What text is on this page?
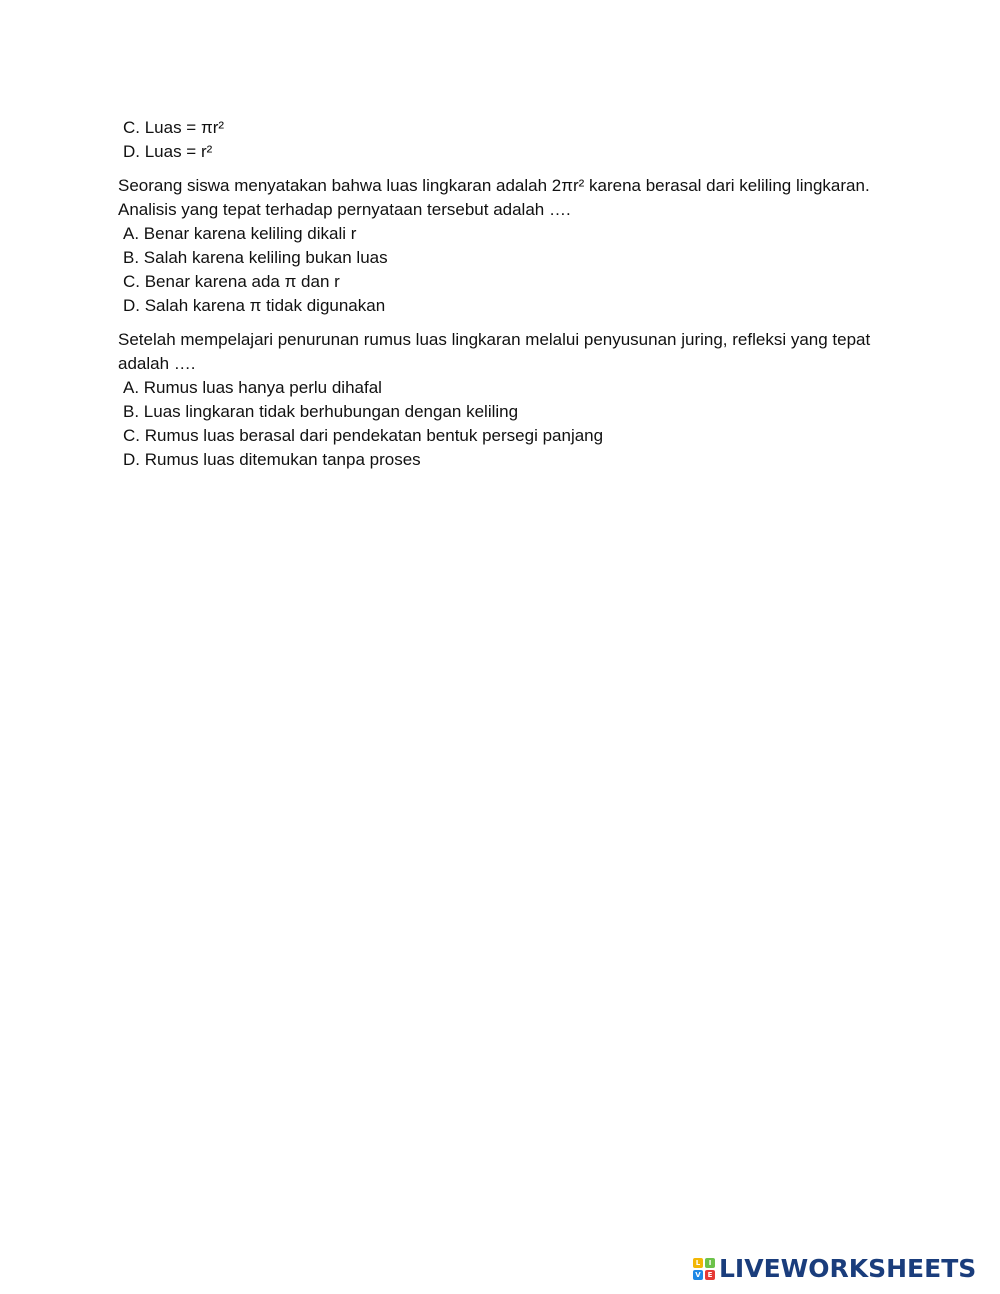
C. Luas = πr²
D. Luas = r²
Seorang siswa menyatakan bahwa luas lingkaran adalah 2πr² karena berasal dari keliling lingkaran. Analisis yang tepat terhadap pernyataan tersebut adalah ….
A. Benar karena keliling dikali r
B. Salah karena keliling bukan luas
C. Benar karena ada π dan r
D. Salah karena π tidak digunakan
Setelah mempelajari penurunan rumus luas lingkaran melalui penyusunan juring, refleksi yang tepat adalah ….
A. Rumus luas hanya perlu dihafal
B. Luas lingkaran tidak berhubungan dengan keliling
C. Rumus luas berasal dari pendekatan bentuk persegi panjang
D. Rumus luas ditemukan tanpa proses
L	I
V E LIVEWORKSHEETS
